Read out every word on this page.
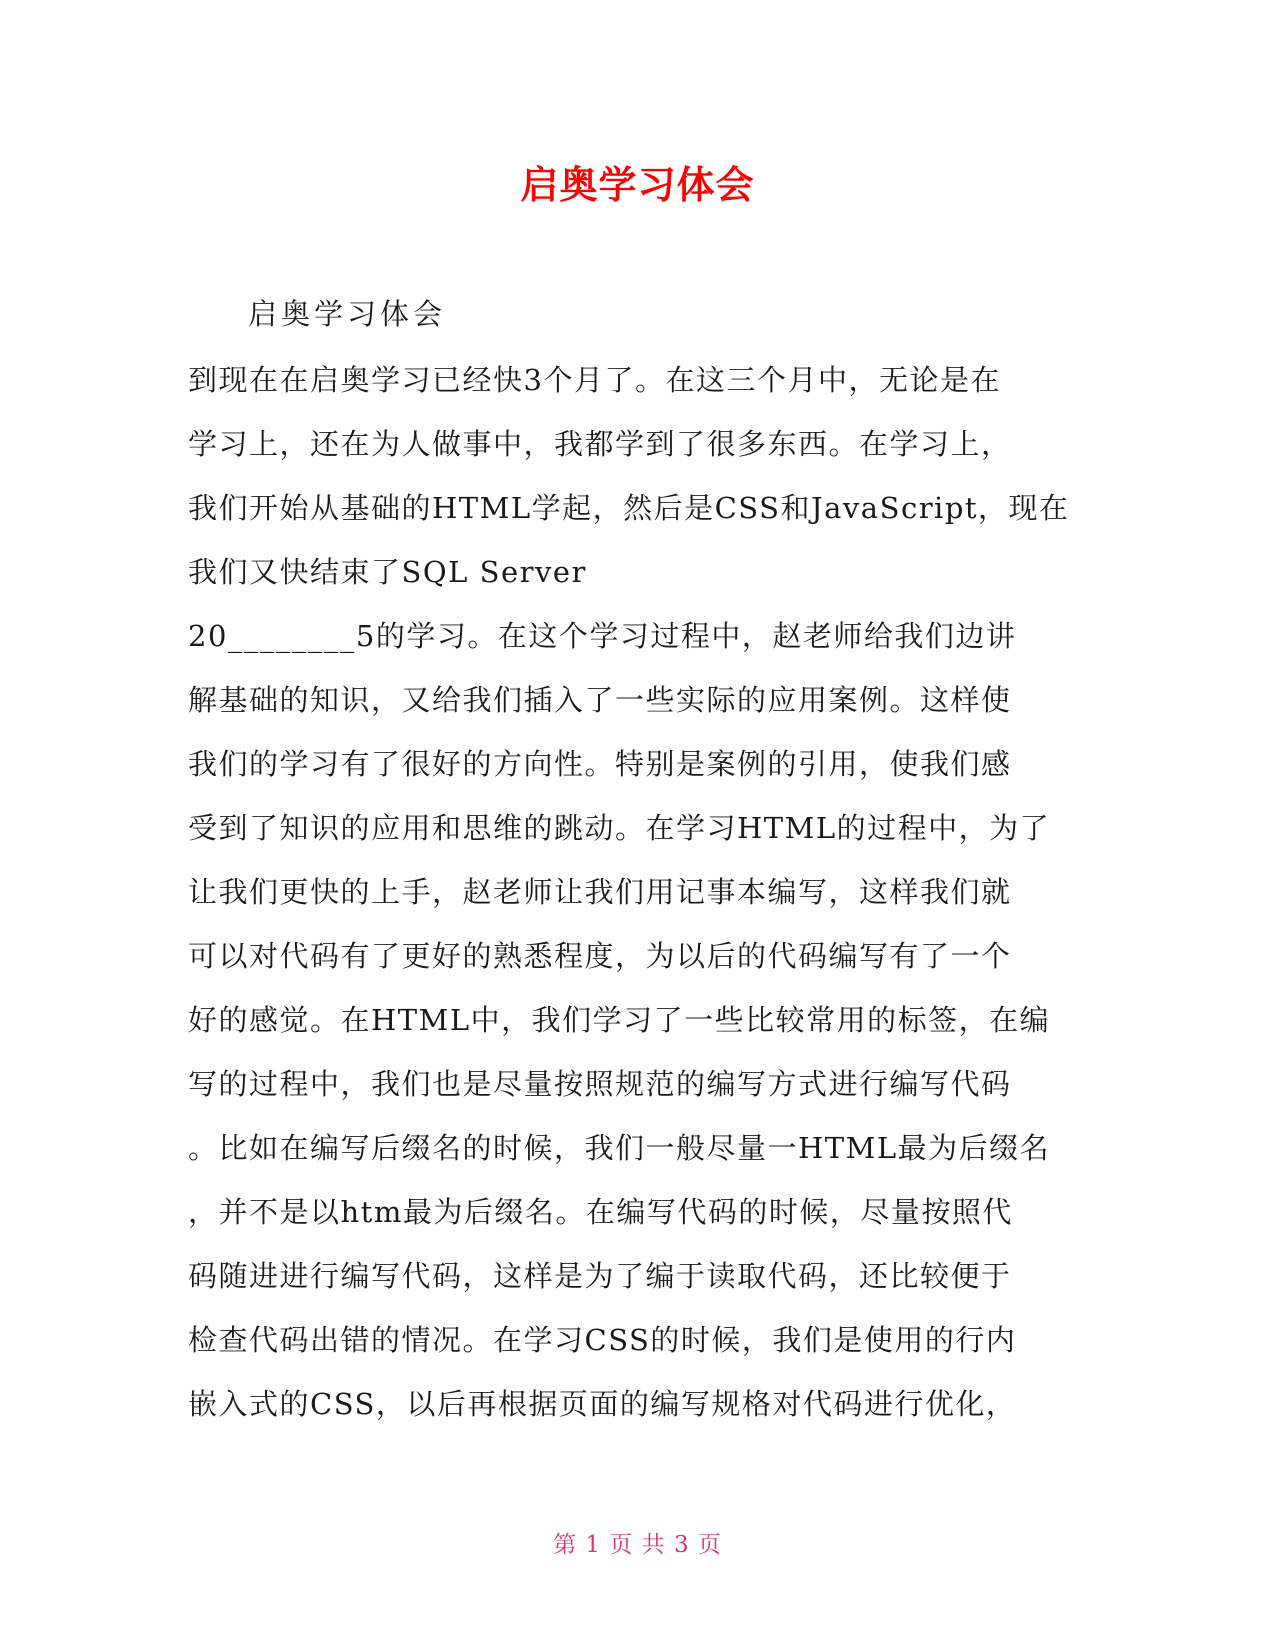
启奥学习体会
启奥学习体会
到现在在启奥学习已经快3个月了。在这三个月中，无论是在
学习上，还在为人做事中，我都学到了很多东西。在学习上，
我们开始从基础的HTML学起，然后是CSS和JavaScript，现在
我们又快结束了SQL Server
20________5的学习。在这个学习过程中，赵老师给我们边讲
解基础的知识，又给我们插入了一些实际的应用案例。这样使
我们的学习有了很好的方向性。特别是案例的引用，使我们感
受到了知识的应用和思维的跳动。在学习HTML的过程中，为了
让我们更快的上手，赵老师让我们用记事本编写，这样我们就
可以对代码有了更好的熟悉程度，为以后的代码编写有了一个
好的感觉。在HTML中，我们学习了一些比较常用的标签，在编
写的过程中，我们也是尽量按照规范的编写方式进行编写代码
。比如在编写后缀名的时候，我们一般尽量一HTML最为后缀名
，并不是以htm最为后缀名。在编写代码的时候，尽量按照代
码随进进行编写代码，这样是为了编于读取代码，还比较便于
检查代码出错的情况。在学习CSS的时候，我们是使用的行内
嵌入式的CSS，以后再根据页面的编写规格对代码进行优化，
第 1 页 共 3 页
